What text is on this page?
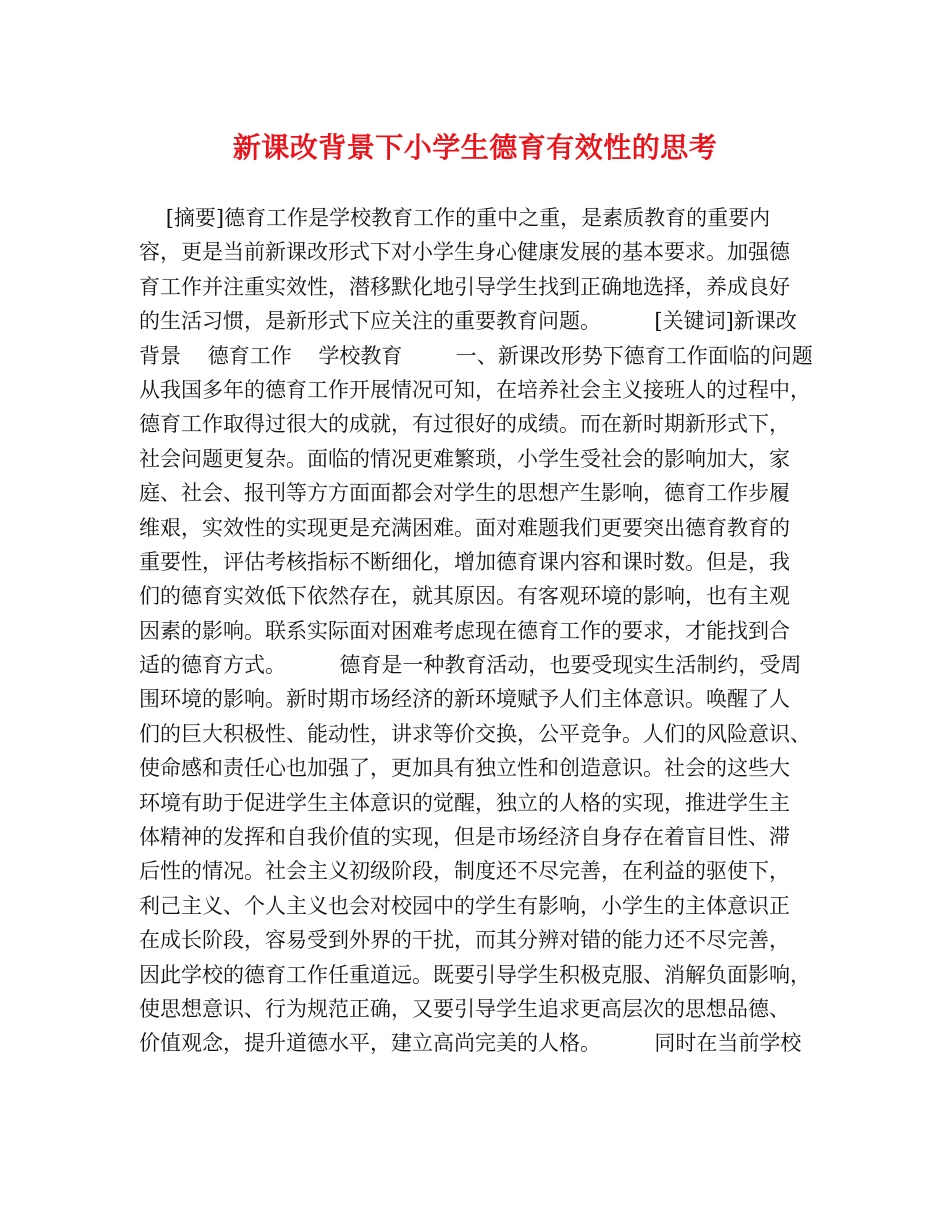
新课改背景下小学生德育有效性的思考
[摘要]德育工作是学校教育工作的重中之重，是素质教育的重要内
容，更是当前新课改形式下对小学生身心健康发展的基本要求。加强德
育工作并注重实效性，潜移默化地引导学生找到正确地选择，养成良好
的生活习惯，是新形式下应关注的重要教育问题。        [关键词]新课改
背景    德育工作    学校教育        一、新课改形势下德育工作面临的问题
从我国多年的德育工作开展情况可知，在培养社会主义接班人的过程中，
德育工作取得过很大的成就，有过很好的成绩。而在新时期新形式下，
社会问题更复杂。面临的情况更难繁琐，小学生受社会的影响加大，家
庭、社会、报刊等方方面面都会对学生的思想产生影响，德育工作步履
维艰，实效性的实现更是充满困难。面对难题我们更要突出德育教育的
重要性，评估考核指标不断细化，增加德育课内容和课时数。但是，我
们的德育实效低下依然存在，就其原因。有客观环境的影响，也有主观
因素的影响。联系实际面对困难考虑现在德育工作的要求，才能找到合
适的德育方式。        德育是一种教育活动，也要受现实生活制约，受周
围环境的影响。新时期市场经济的新环境赋予人们主体意识。唤醒了人
们的巨大积极性、能动性，讲求等价交换，公平竞争。人们的风险意识、
使命感和责任心也加强了，更加具有独立性和创造意识。社会的这些大
环境有助于促进学生主体意识的觉醒，独立的人格的实现，推进学生主
体精神的发挥和自我价值的实现，但是市场经济自身存在着盲目性、滞
后性的情况。社会主义初级阶段，制度还不尽完善，在利益的驱使下，
利己主义、个人主义也会对校园中的学生有影响，小学生的主体意识正
在成长阶段，容易受到外界的干扰，而其分辨对错的能力还不尽完善，
因此学校的德育工作任重道远。既要引导学生积极克服、消解负面影响，
使思想意识、行为规范正确，又要引导学生追求更高层次的思想品德、
价值观念，提升道德水平，建立高尚完美的人格。        同时在当前学校
